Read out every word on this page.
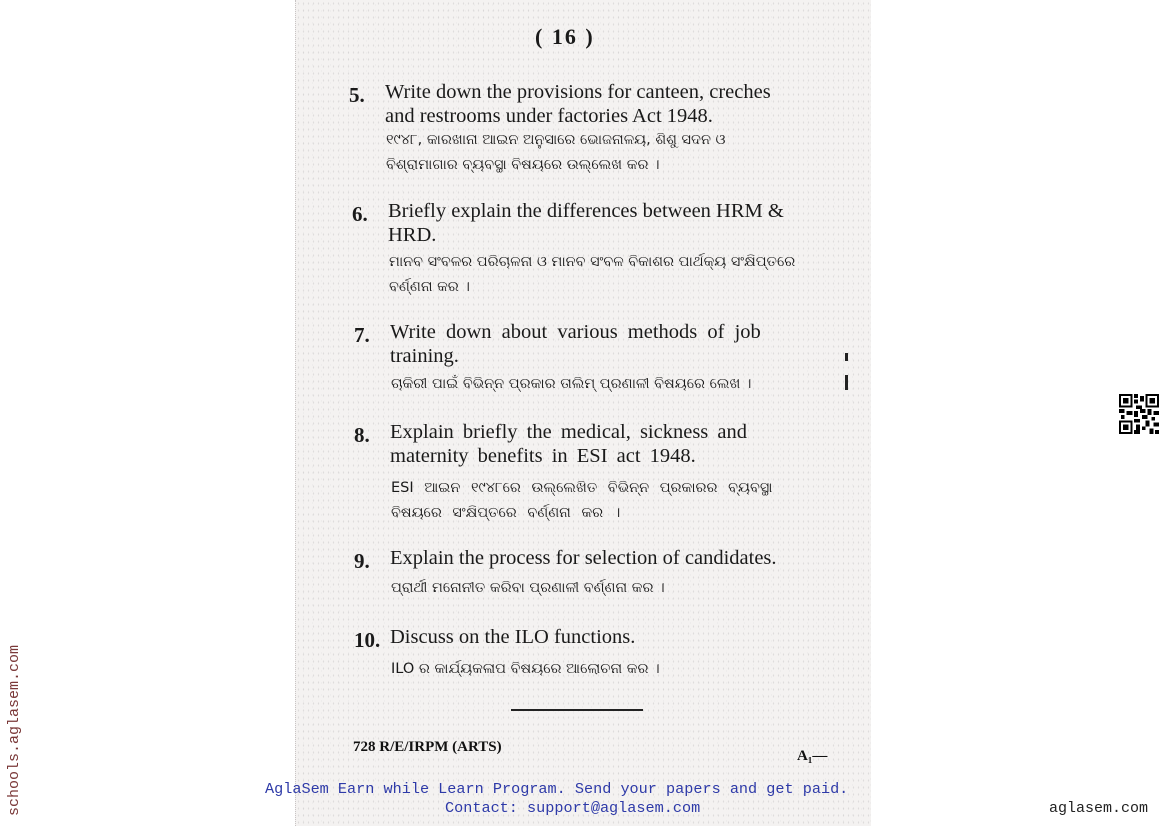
( 16 )
5. Write down the provisions for canteen, creches and restrooms under factories Act 1948.
୧୯୪୮, କାରଖାନା ଆଇନ ଅନୁସାରେ ଭୋଜନାଳୟ, ଶିଶୁ ସଦନ ଓ ବିଶ୍ରାମାଗାର ବ୍ୟବସ୍ଥା ବିଷୟରେ ଉଲ୍ଲେଖ କର ।
6. Briefly explain the differences between HRM & HRD.
ମାନବ ସଂବଳର ପରିଚାଳନା ଓ ମାନବ ସଂବଳ ବିକାଶର ପାର୍ଥକ୍ୟ ସଂକ୍ଷିପ୍ତରେ ବର୍ଣ୍ଣନା କର ।
7. Write down about various methods of job training.
ଚାକିରୀ ପାଇଁ ବିଭିନ୍ନ ପ୍ରକାର ତାଲିମ୍ ପ୍ରଣାଳୀ ବିଷୟରେ ଲେଖ ।
8. Explain briefly the medical, sickness and maternity benefits in ESI act 1948.
ESI ଆଇନ ୧୯୪୮ରେ ଉଲ୍ଲେଖିତ ବିଭିନ୍ନ ପ୍ରକାରର ବ୍ୟବସ୍ଥା ବିଷୟରେ ସଂକ୍ଷିପ୍ତରେ ବର୍ଣ୍ଣନା କର ।
9. Explain the process for selection of candidates.
ପ୍ରାର୍ଥୀ ମନୋନୀତ କରିବା ପ୍ରଣାଳୀ ବର୍ଣ୍ଣନା କର ।
10. Discuss on the ILO functions.
ILO ର କାର୍ଯ୍ୟକଳାପ ବିଷୟରେ ଆଲୋଚନା କର ।
728 R/E/IRPM (ARTS)
A₁—
AglaSem Earn while Learn Program. Send your papers and get paid.
Contact: support@aglasem.com	aglasem.com
schools.aglasem.com
